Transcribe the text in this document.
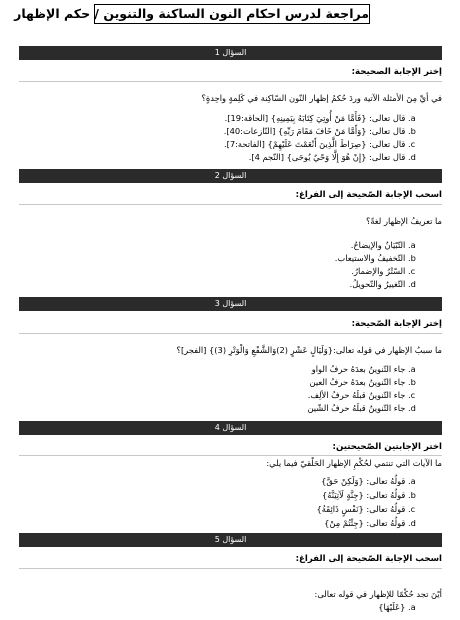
مراجعة لدرس احكام النون الساكنة والتنوين / حكم الإظهار
السؤال 1
إختر الإجابة الصحيحة:
في أيِّ مِنَ الأمثلة الآتية وردَ حُكمُ إظهار النّون السّاكِنة في كَلِمةٍ واحِدةٍ؟
a. قال تعالى: {فَأَمَّا مَنْ أُوتِيَ كِتَابَهُ بِيَمِينِهِ} [الحاقة:19].
b. قال تعالى: {وَأَمَّا مَنْ خَافَ مَقَامَ رَبِّهِ} [النّازعات:40].
c. قال تعالى: {صِرَاطَ الَّذِينَ أَنْعَمْتَ عَلَيْهِمْ} [الفاتحة:7].
d. قال تعالى: {إِنْ هُوَ إِلَّا وَحْيٌ يُوحَى} [النّجم 4].
السؤال 2
اسحب الإجابة الصّحيحة إلى الفراغ:
ما تعريفُ الإظهار لغةً؟
a. التّبْيَانُ والإيضاحُ.
b. التّخفيفُ والاستيعاب.
c. السّتْرُ والإضمارُ.
d. التّغييرُ والتّحويلُ.
السؤال 3
إختر الإجابة الصّحيحة:
ما سببُ الإظهار في قوله تعالى:{وَلَيَالٍ عَشْرٍ (2)وَالشَّفْعِ وَالْوَتْرِ (3)} [الفجر]؟
a. جاء التّنوينُ بعدَهُ حرفُ الواو
b. جاء التّنوينُ بعدَهُ حرفُ العين
c. جاء التّنوينُ قبلَهُ حرفُ الألِف.
d. جاء التّنوينُ قبلَهُ حرفُ الشّين
السؤال 4
اختر الإجابتين الصّحيحتين:
ما الآيات التي تنتمي لحُكْمِ الإظهار الحَلْقيّ فيما يلي:
a. قولُهُ تعالى: {وَلَكِنْ حَقَّ}
b. قولُهُ تعالى: {جِنَّةٍ لَآتِيَنَّهُ}
c. قولُهُ تعالى: {نَفْسٍ ذَائِقَةُ}
d. قولُهُ تعالى: {جِئْتُمْ مِنْ}
السؤال 5
اسحب الإجابة الصّحيحة إلى الفراغ:
أيْنَ تجد حُكْمًا للإظهار في قوله تعالى:
a. {عَلَيْهَا}
